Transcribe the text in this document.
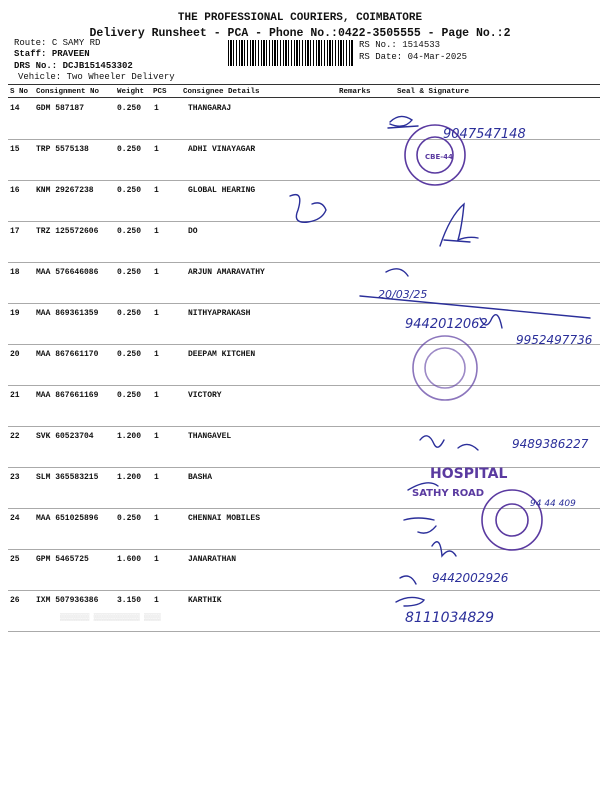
THE PROFESSIONAL COURIERS, COIMBATORE
Delivery Runsheet - PCA - Phone No.:0422-3505555 - Page No.:2
Route: C SAMY RD
Staff: PRAVEEN
DRS No.: DCJB151453302
Vehicle: Two Wheeler Delivery
RS No.: 1514533
RS Date: 04-Mar-2025
S No Consignment No Weight PCS Consignee Details	Remarks	Seal & Signature
14 GDM 587187	0.250 1	THANGARAJ
15 TRP 5575138	0.250 1	ADHI VINAYAGAR
16 KNM 29267238	0.250 1	GLOBAL HEARING
17 TRZ 125572606 0.250 1	DO
18 MAA 576646086 0.250 1	ARJUN AMARAVATHY
19 MAA 869361359 0.250 1	NITHYAPRAKASH
20 MAA 867661170 0.250 1	DEEPAM KITCHEN
21 MAA 867661169 0.250 1	VICTORY
22 SVK 60523704	1.200 1	THANGAVEL
23 SLM 365583215 1.200 1	BASHA
24 MAA 651025896 0.250 1	CHENNAI MOBILES
25 GPM 5465725	1.600 1	JANARATHAN
26 IXM 507936386 3.150 1	KARTHIK
▒▒▒▒▒▒▒ ▒▒▒▒▒▒▒▒▒▒▒ ▒▒▒▒
CBE-44
9047547148
20/03/25
9442012062
9952497736
9489386227
HOSPITAL
SATHY ROAD
94 44 409
9442002926
8111034829
